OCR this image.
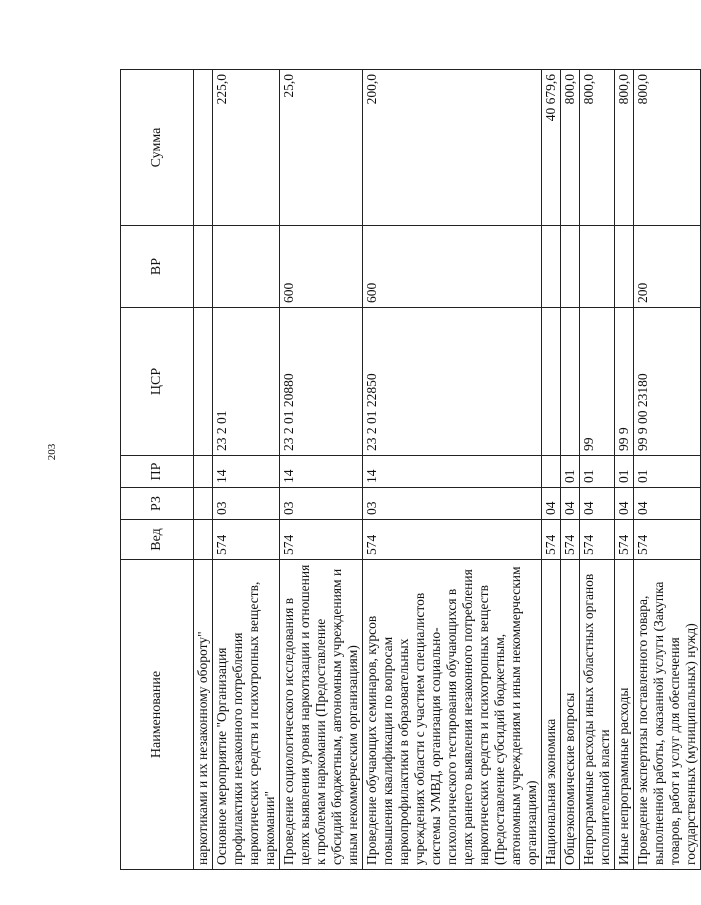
203
Наименование	Вед	РЗ	ПР	ЦСР	ВР	Сумма
наркотиками и их незаконному обороту"						
Основное мероприятие "Организация профилактики незаконного потребления наркотических средств и психотропных веществ, наркомании"	574	03	14	23 2 01		225,0
Проведение социологического исследования в целях выявления уровня наркотизации и отношения к проблемам наркомании (Предоставление субсидий бюджетным, автономным учреждениям и иным некоммерческим организациям)	574	03	14	23 2 01 20880	600	25,0
Проведение обучающих семинаров, курсов повышения квалификации по вопросам наркопрофилактики в образовательных учреждениях области с участием специалистов системы УМВД, организация социально-психологического тестирования обучающихся в целях раннего выявления незаконного потребления наркотических средств и психотропных веществ (Предоставление субсидий бюджетным, автономным учреждениям и иным некоммерческим организациям)	574	03	14	23 2 01 22850	600	200,0
Национальная экономика	574	04				40 679,6
Общеэкономические вопросы	574	04	01			800,0
Непрограммные расходы иных областных органов исполнительной власти	574	04	01	99		800,0
Иные непрограммные расходы	574	04	01	99 9		800,0
Проведение экспертизы поставленного товара, выполненной работы, оказанной услуги (Закупка товаров, работ и услуг для обеспечения государственных (муниципальных) нужд)	574	04	01	99 9 00 23180	200	800,0
